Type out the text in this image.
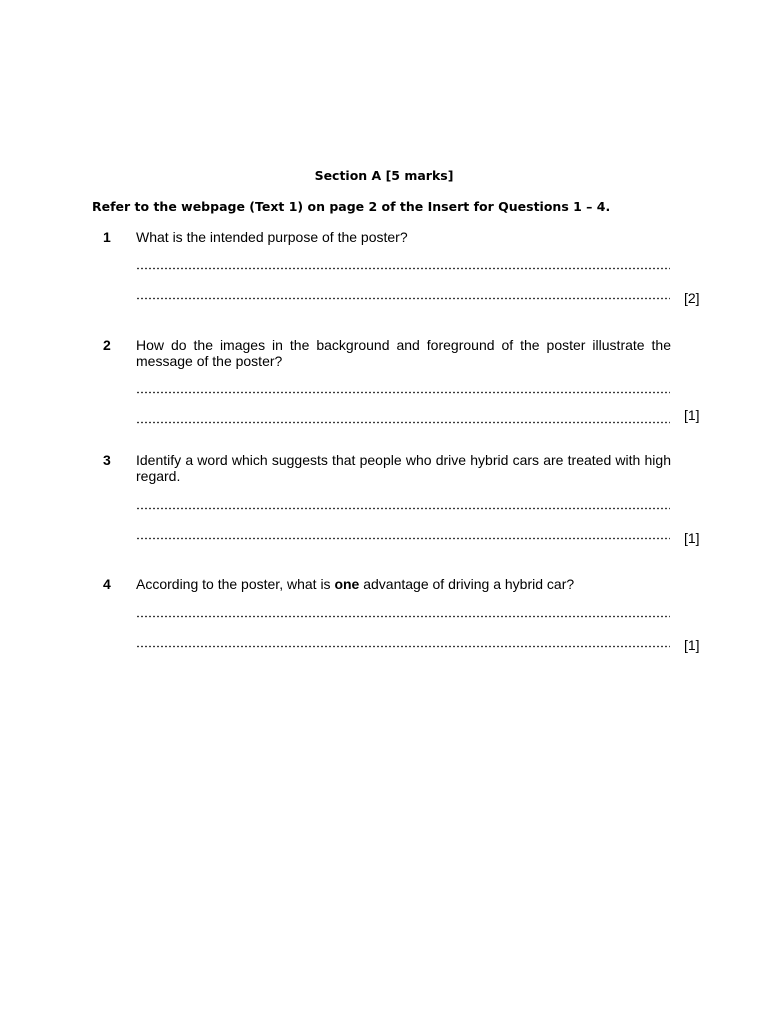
Section A [5 marks]
Refer to the webpage (Text 1) on page 2 of the Insert for Questions 1 – 4.
1 What is the intended purpose of the poster?
[2]
2 How do the images in the background and foreground of the poster illustrate the message of the poster?
[1]
3 Identify a word which suggests that people who drive hybrid cars are treated with high regard.
[1]
4 According to the poster, what is one advantage of driving a hybrid car?
[1]
